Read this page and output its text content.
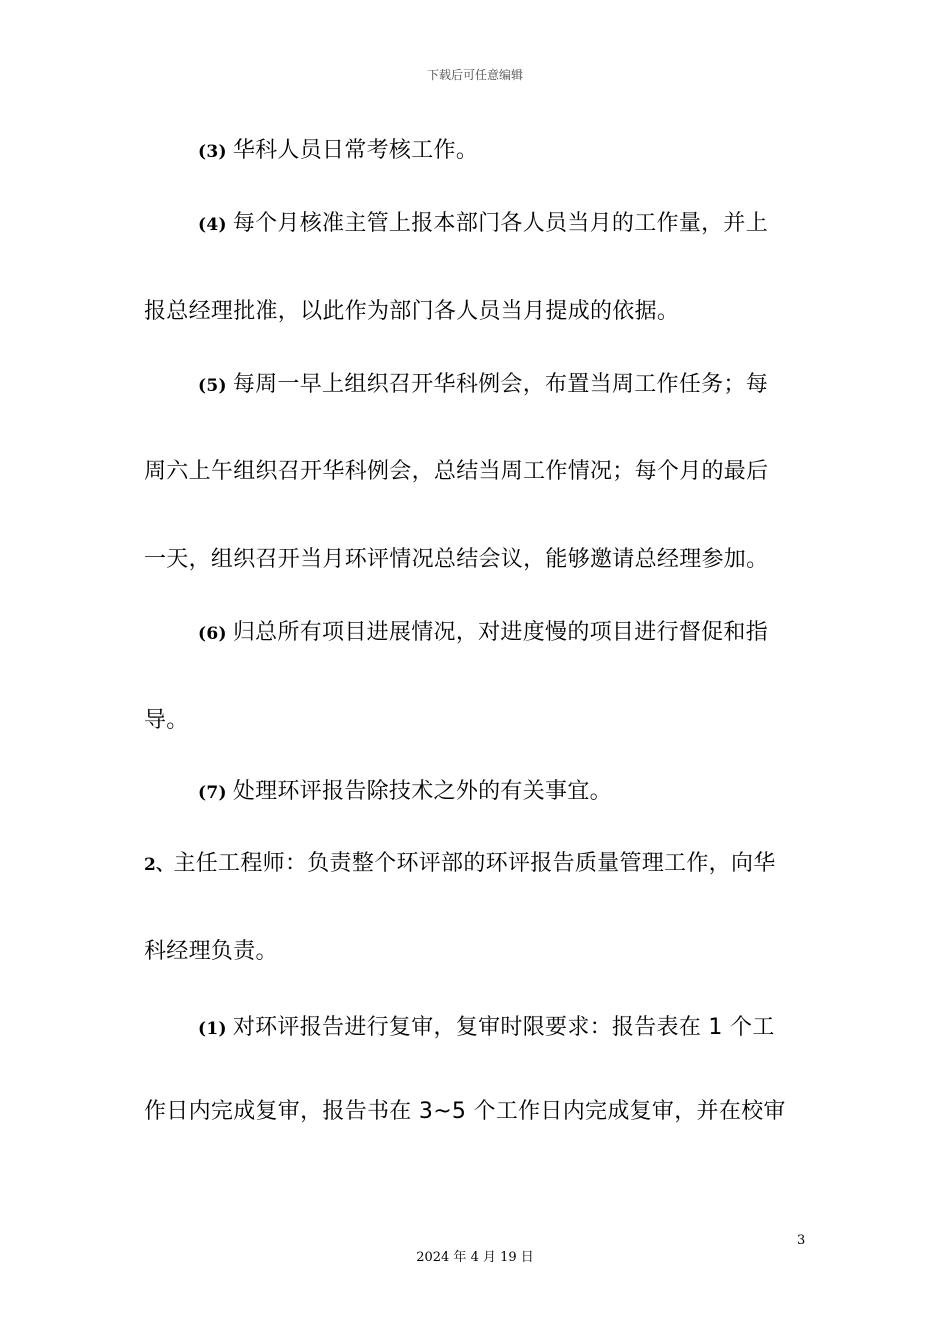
下载后可任意编辑
(3) 华科人员日常考核工作。
(4) 每个月核准主管上报本部门各人员当月的工作量，并上
报总经理批准，以此作为部门各人员当月提成的依据。
(5) 每周一早上组织召开华科例会，布置当周工作任务；每
周六上午组织召开华科例会，总结当周工作情况；每个月的最后
一天，组织召开当月环评情况总结会议，能够邀请总经理参加。
(6) 归总所有项目进展情况，对进度慢的项目进行督促和指
导。
(7) 处理环评报告除技术之外的有关事宜。
2、主任工程师：负责整个环评部的环评报告质量管理工作，向华
科经理负责。
(1) 对环评报告进行复审，复审时限要求：报告表在 1 个工
作日内完成复审，报告书在 3~5 个工作日内完成复审，并在校审
3
2024 年 4 月 19 日
